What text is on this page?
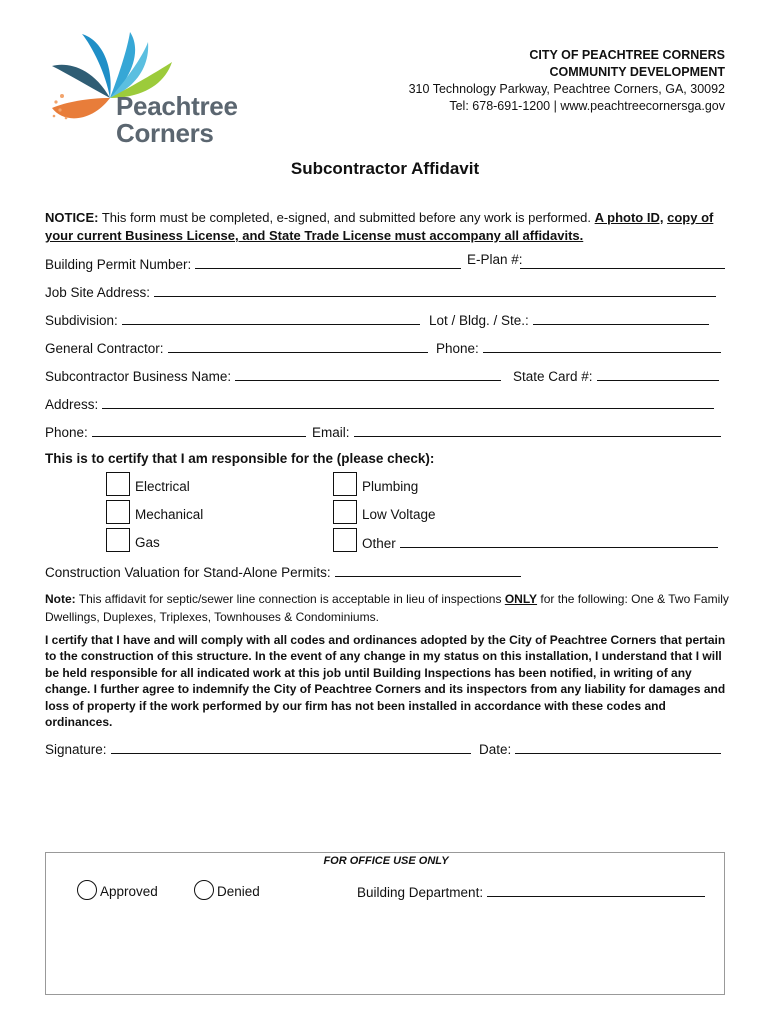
Peachtree
Corners
CITY OF PEACHTREE CORNERS
COMMUNITY DEVELOPMENT
310 Technology Parkway, Peachtree Corners, GA, 30092
Tel: 678-691-1200 | www.peachtreecornersga.gov
Subcontractor Affidavit
NOTICE: This form must be completed, e-signed, and submitted before any work is performed. A photo ID, copy of your current Business License, and State Trade License must accompany all affidavits.
Building Permit Number:	E-Plan #:
Job Site Address:
Subdivision:	Lot / Bldg. / Ste.:
General Contractor:	Phone:
Subcontractor Business Name:	State Card #:
Address:
Phone:	Email:
This is to certify that I am responsible for the (please check):
Electrical
Mechanical
Gas
Plumbing
Low Voltage
Other
Construction Valuation for Stand-Alone Permits:
Note: This affidavit for septic/sewer line connection is acceptable in lieu of inspections ONLY for the following: One & Two Family Dwellings, Duplexes, Triplexes, Townhouses & Condominiums.
I certify that I have and will comply with all codes and ordinances adopted by the City of Peachtree Corners that pertain to the construction of this structure. In the event of any change in my status on this installation, I understand that I will be held responsible for all indicated work at this job until Building Inspections has been notified, in writing of any change. I further agree to indemnify the City of Peachtree Corners and its inspectors from any liability for damages and loss of property if the work performed by our firm has not been installed in accordance with these codes and ordinances.
Signature:	Date:
FOR OFFICE USE ONLY
Approved	Denied	Building Department:
